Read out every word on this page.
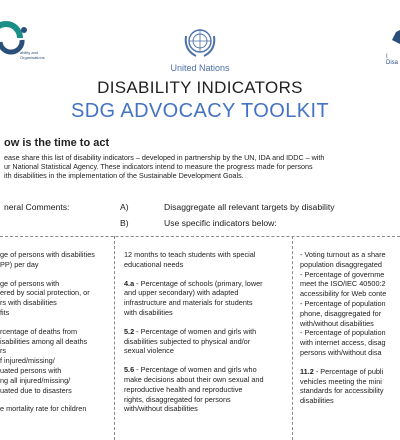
ability and
Organisations
United Nations
I
Disa
DISABILITY INDICATORS
SDG ADVOCACY TOOLKIT
ow is the time to act
ease share this list of disability indicators – developed in partnership by the UN, IDA and IDDC – with
ur National Statistical Agency. These indicators intend to measure the progress made for persons
ith disabilities in the implementation of the Sustainable Development Goals.
neral Comments:	A)	Disaggregate all relevant targets by disability
B)	Use specific indicators below:

ge of persons with disabilities
PP) per day

ge of persons with
ered by social protection, or
rs with disabilities
fits

rcentage of deaths from
isabilities among all deaths
rs
f injured/missing/
uated persons with
ng all injured/missing/
uated due to disasters

e mortality rate for children

12 months to teach students with special
educational needs

4.a - Percentage of schools (primary, lower
and upper secondary) with adapted
infrastructure and materials for students
with disabilities

5.2 - Percentage of women and girls with
disabilities subjected to physical and/or
sexual violence

5.6 - Percentage of women and girls who
make decisions about their own sexual and
reproductive health and reproductive
rights, disaggregated for persons
with/without disabilities

- Voting turnout as a share
population disaggregated
- Percentage of governme
meet the ISO/IEC 40500:2
accessibility for Web conte
- Percentage of population
phone, disaggregated for
with/without disabilities
- Percentage of population
with internet access, disag
persons with/without disa

11.2 - Percentage of publi
vehicles meeting the mini
standards for accessibility
disabilities
